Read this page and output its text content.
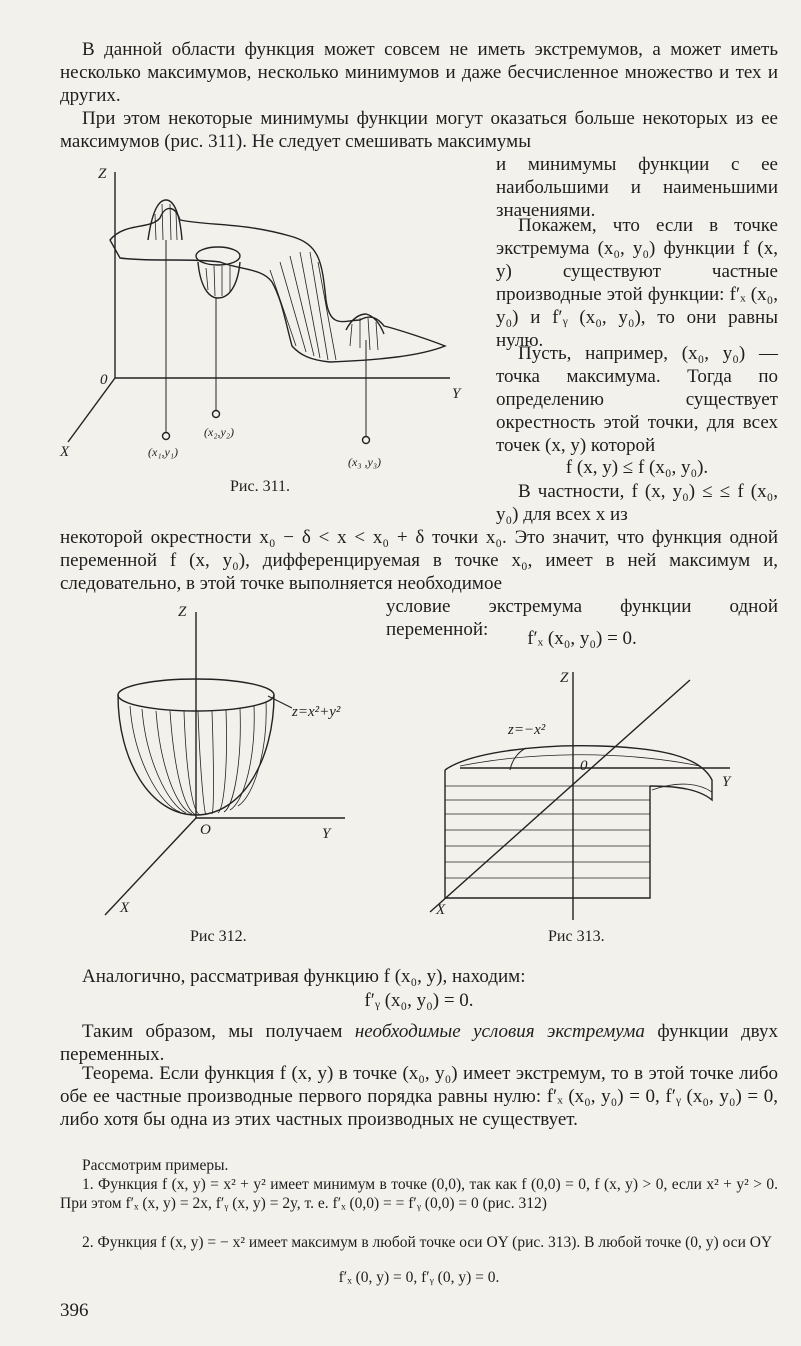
В данной области функция может совсем не иметь экстремумов, а может иметь несколько максимумов, несколько минимумов и даже бесчисленное множество и тех и других.

При этом некоторые минимумы функции могут оказаться больше некоторых из ее максимумов (рис. 311). Не следует смешивать максимумы

и минимумы функции с ее наибольшими и наименьшими значениями.

Покажем, что если в точке экстремума (x₀, y₀) функции f (x, y) существуют частные производные этой функции: f′ₓ (x₀, y₀) и f′ᵧ (x₀, y₀), то они равны нулю.

Пусть, например, (x₀, y₀) — точка максимума. Тогда по определению существует окрестность этой точки, для всех точек (x, y) которой

f (x, y) ≤ f (x₀, y₀).

В частности, f (x, y₀) ≤ ≤ f (x₀, y₀) для всех x из

некоторой окрестности x₀ − δ < x < x₀ + δ точки x₀. Это значит, что функция одной переменной f (x, y₀), дифференцируемая в точке x₀, имеет в ней максимум и, следовательно, в этой точке выполняется необходимое

условие экстремума функции одной переменной:	f′ₓ (x₀, y₀) = 0.

Аналогично, рассматривая функцию f (x₀, y), находим:

f′ᵧ (x₀, y₀) = 0.

Таким образом, мы получаем необходимые условия экстремума функции двух переменных.

Теорема. Если функция f (x, y) в точке (x₀, y₀) имеет экстремум, то в этой точке либо обе ее частные производные первого порядка равны нулю: f′ₓ (x₀, y₀) = 0, f′ᵧ (x₀, y₀) = 0, либо хотя бы одна из этих частных производных не существует.

Рассмотрим примеры.

1. Функция f (x, y) = x² + y² имеет минимум в точке (0,0), так как f (0,0) = 0, f (x, y) > 0, если x² + y² > 0. При этом f′ₓ (x, y) = 2x, f′ᵧ (x, y) = 2y, т. е. f′ₓ (0,0) = = f′ᵧ (0,0) = 0 (рис. 312)

2. Функция f (x, y) = − x² имеет максимум в любой точке оси OY (рис. 313). В любой точке (0, y) оси OY

f′ₓ (0, y) = 0, f′ᵧ (0, y) = 0.

396
Z
Y
X
0
(x₁,y₁)
(x₂,y₂)
(x₃ ,y₃)
Рис. 311.
Z
Y
X
O
z=x²+y²
Рис 312.
Z
Y
X
0
z=−x²
Рис 313.
